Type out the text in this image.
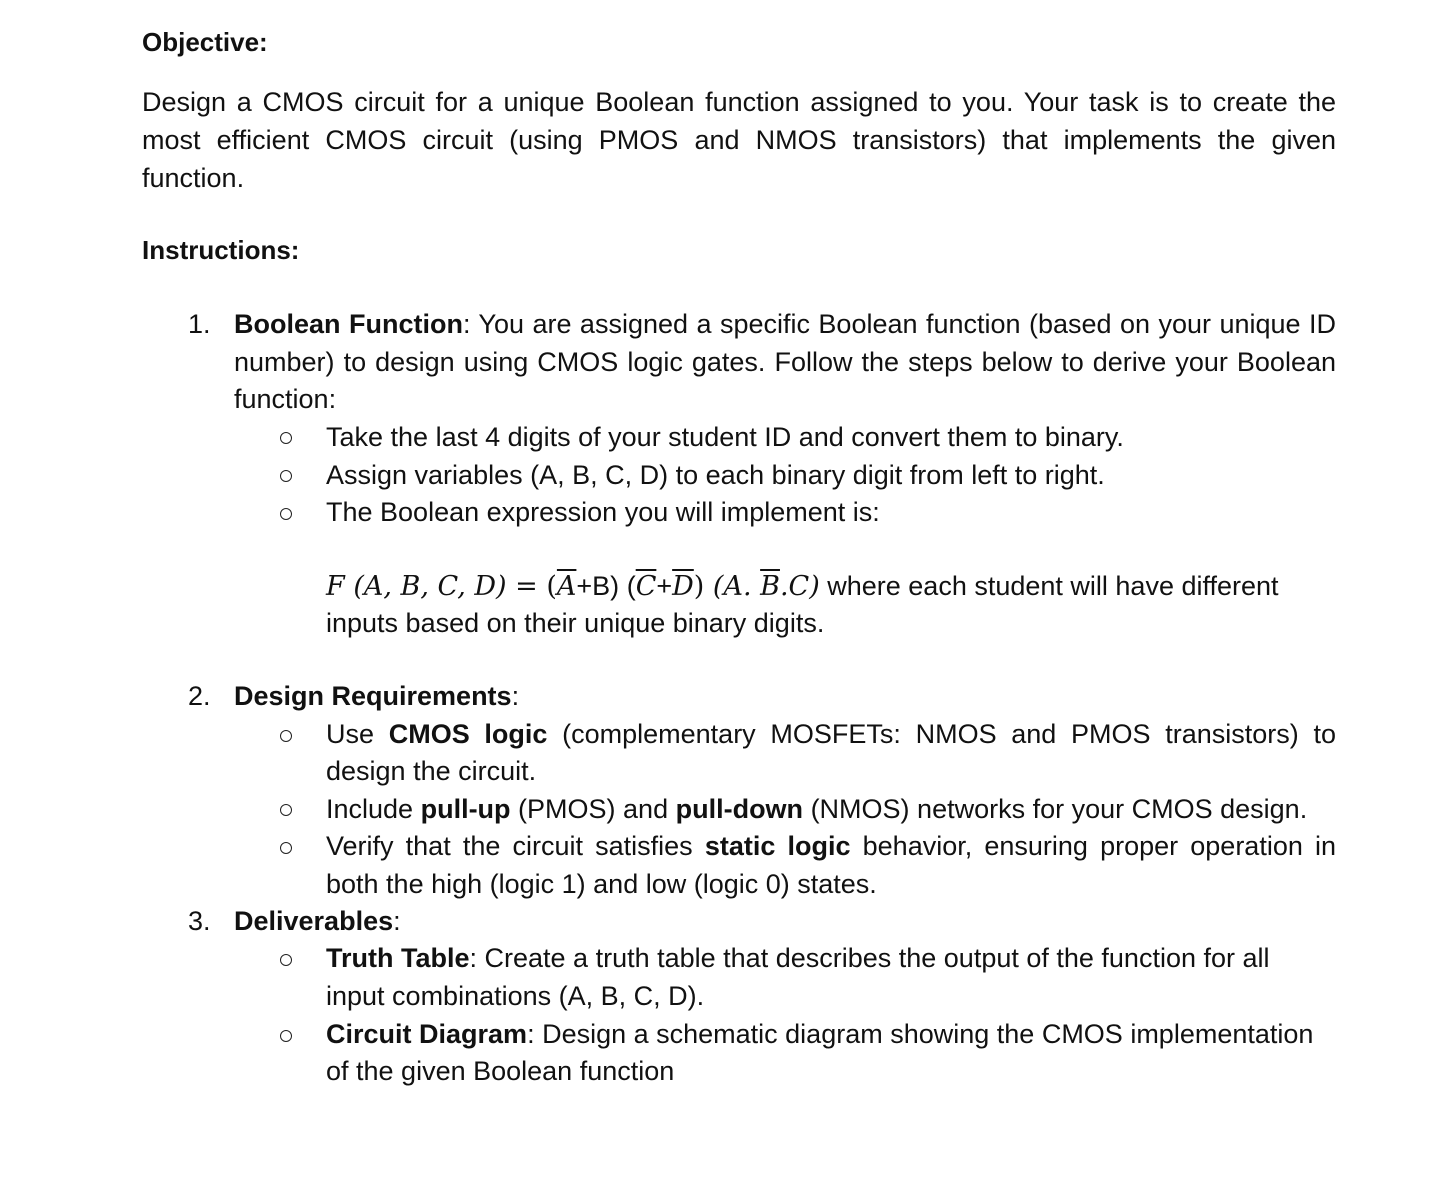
Objective:
Design a CMOS circuit for a unique Boolean function assigned to you. Your task is to create the most efficient CMOS circuit (using PMOS and NMOS transistors) that implements the given function.
Instructions:
1. Boolean Function: You are assigned a specific Boolean function (based on your unique ID
number) to design using CMOS logic gates. Follow the steps below to derive your Boolean
function:
Take the last 4 digits of your student ID and convert them to binary.
Assign variables (A, B, C, D) to each binary digit from left to right.
The Boolean expression you will implement is:
F (A, B, C, $D) = (\overline{A}+B)$ $(\overline{C}+\overline{D})$ (A. $\overline{B}.C$) where each student will have different
inputs based on their unique binary digits.
2. Design Requirements:
Use CMOS logic (complementary MOSFETs: NMOS and PMOS transistors) to
design the circuit.
Include pull-up (PMOS) and pull-down (NMOS) networks for your CMOS design.
Verify that the circuit satisfies static logic behavior, ensuring proper operation in
both the high (logic 1) and low (logic 0) states.
3. Deliverables:
Truth Table: Create a truth table that describes the output of the function for all
input combinations (A, B, C, D).
Circuit Diagram: Design a schematic diagram showing the CMOS implementation
of the given Boolean function
